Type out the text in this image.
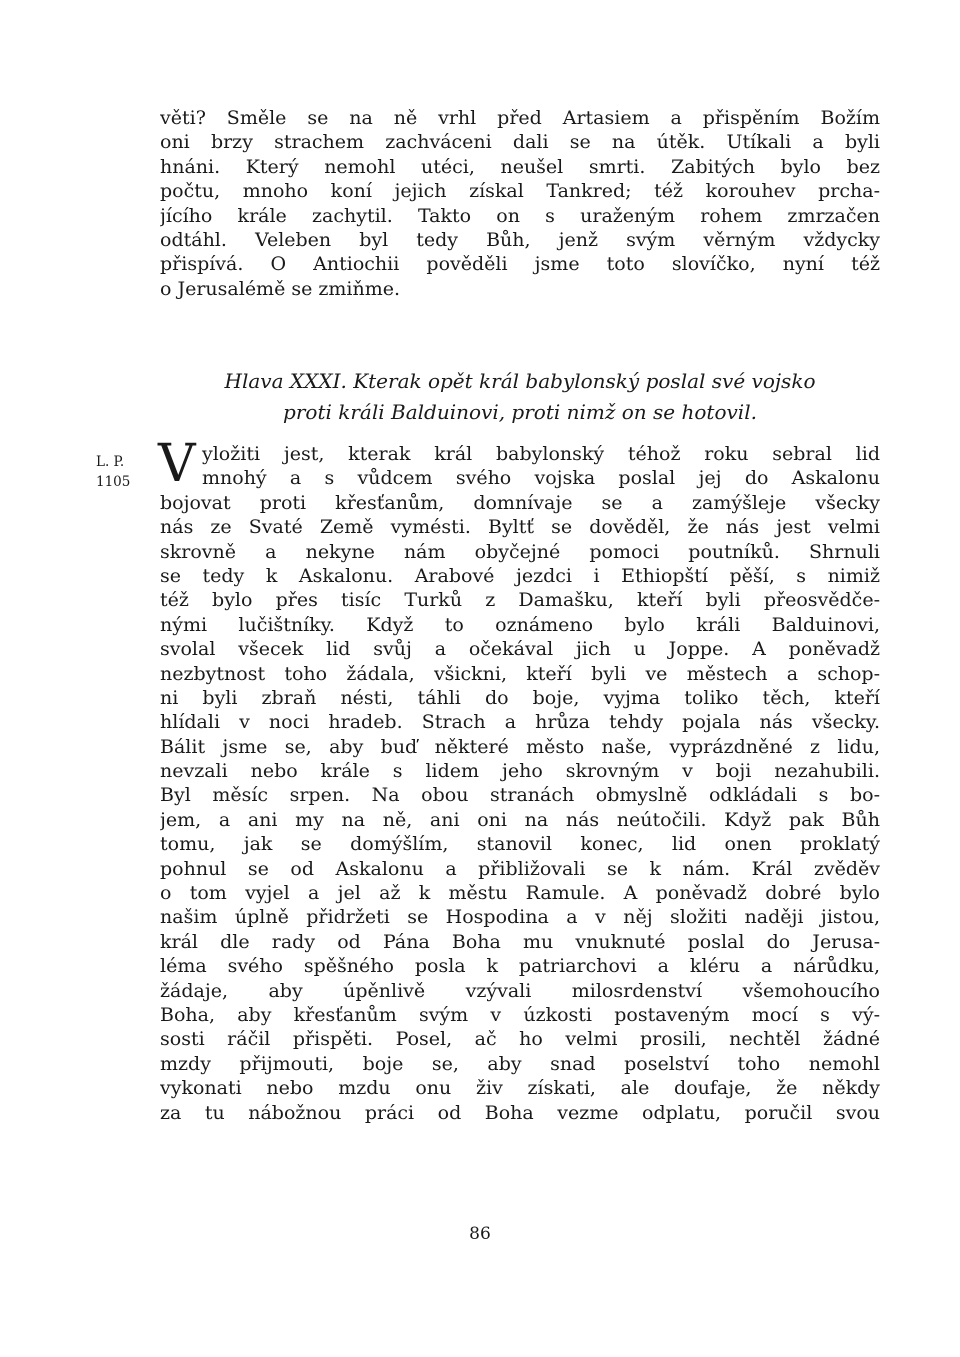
věti? Směle se na ně vrhl před Artasiem a přispěním Božím
oni brzy strachem zachváceni dali se na útěk. Utíkali a byli
hnáni. Který nemohl utéci, neušel smrti. Zabitých bylo bez
počtu, mnoho koní jejich získal Tankred; též korouhev prcha-
jícího krále zachytil. Takto on s uraženým rohem zmrzačen
odtáhl. Veleben byl tedy Bůh, jenž svým věrným vždycky
přispívá. O Antiochii pověděli jsme toto slovíčko, nyní též
o Jerusalémě se zmiňme.
Hlava XXXI. Kterak opět král babylonský poslal své vojsko
proti králi Balduinovi, proti nimž on se hotovil.
L. P.
1105 V yložiti jest, kterak král babylonský téhož roku sebral lid
mnohý a s vůdcem svého vojska poslal jej do Askalonu
bojovat proti křesťanům, domnívaje se a zamýšleje všecky
nás ze Svaté Země vymésti. Byltť se dověděl, že nás jest velmi
skrovně a nekyne nám obyčejné pomoci poutníků. Shrnuli
se tedy k Askalonu. Arabové jezdci i Ethiopští pěší, s nimiž
též bylo přes tisíc Turků z Damašku, kteří byli přeosvědče-
nými lučištníky. Když to oznámeno bylo králi Balduinovi,
svolal všecek lid svůj a očekával jich u Joppe. A poněvadž
nezbytnost toho žádala, všickni, kteří byli ve městech a schop-
ni byli zbraň nésti, táhli do boje, vyjma toliko těch, kteří
hlídali v noci hradeb. Strach a hrůza tehdy pojala nás všecky.
Bálit jsme se, aby buď některé město naše, vyprázdněné z lidu,
nevzali nebo krále s lidem jeho skrovným v boji nezahubili.
Byl měsíc srpen. Na obou stranách obmyslně odkládali s bo-
jem, a ani my na ně, ani oni na nás neútočili. Když pak Bůh
tomu, jak se domýšlím, stanovil konec, lid onen proklatý
pohnul se od Askalonu a přibližovali se k nám. Král zvěděv
o tom vyjel a jel až k městu Ramule. A poněvadž dobré bylo
našim úplně přidržeti se Hospodina a v něj složiti naději jistou,
král dle rady od Pána Boha mu vnuknuté poslal do Jerusa-
léma svého spěšného posla k patriarchovi a kléru a nárůdku,
žádaje, aby úpěnlivě vzývali milosrdenství všemohoucího
Boha, aby křesťanům svým v úzkosti postaveným mocí s vý-
sosti ráčil přispěti. Posel, ač ho velmi prosili, nechtěl žádné
mzdy přijmouti, boje se, aby snad poselství toho nemohl
vykonati nebo mzdu onu živ získati, ale doufaje, že někdy
za tu nábožnou práci od Boha vezme odplatu, poručil svou
86
